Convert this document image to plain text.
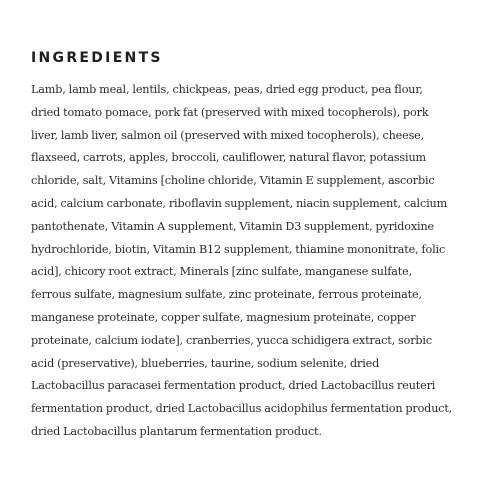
INGREDIENTS

Lamb, lamb meal, lentils, chickpeas, peas, dried egg product, pea flour, dried tomato pomace, pork fat (preserved with mixed tocopherols), pork liver, lamb liver, salmon oil (preserved with mixed tocopherols), cheese, flaxseed, carrots, apples, broccoli, cauliflower, natural flavor, potassium chloride, salt, Vitamins [choline chloride, Vitamin E supplement, ascorbic acid, calcium carbonate, riboflavin supplement, niacin supplement, calcium pantothenate, Vitamin A supplement, Vitamin D3 supplement, pyridoxine hydrochloride, biotin, Vitamin B12 supplement, thiamine mononitrate, folic acid], chicory root extract, Minerals [zinc sulfate, manganese sulfate, ferrous sulfate, magnesium sulfate, zinc proteinate, ferrous proteinate, manganese proteinate, copper sulfate, magnesium proteinate, copper proteinate, calcium iodate], cranberries, yucca schidigera extract, sorbic acid (preservative), blueberries, taurine, sodium selenite, dried Lactobacillus paracasei fermentation product, dried Lactobacillus reuteri fermentation product, dried Lactobacillus acidophilus fermentation product, dried Lactobacillus plantarum fermentation product.
